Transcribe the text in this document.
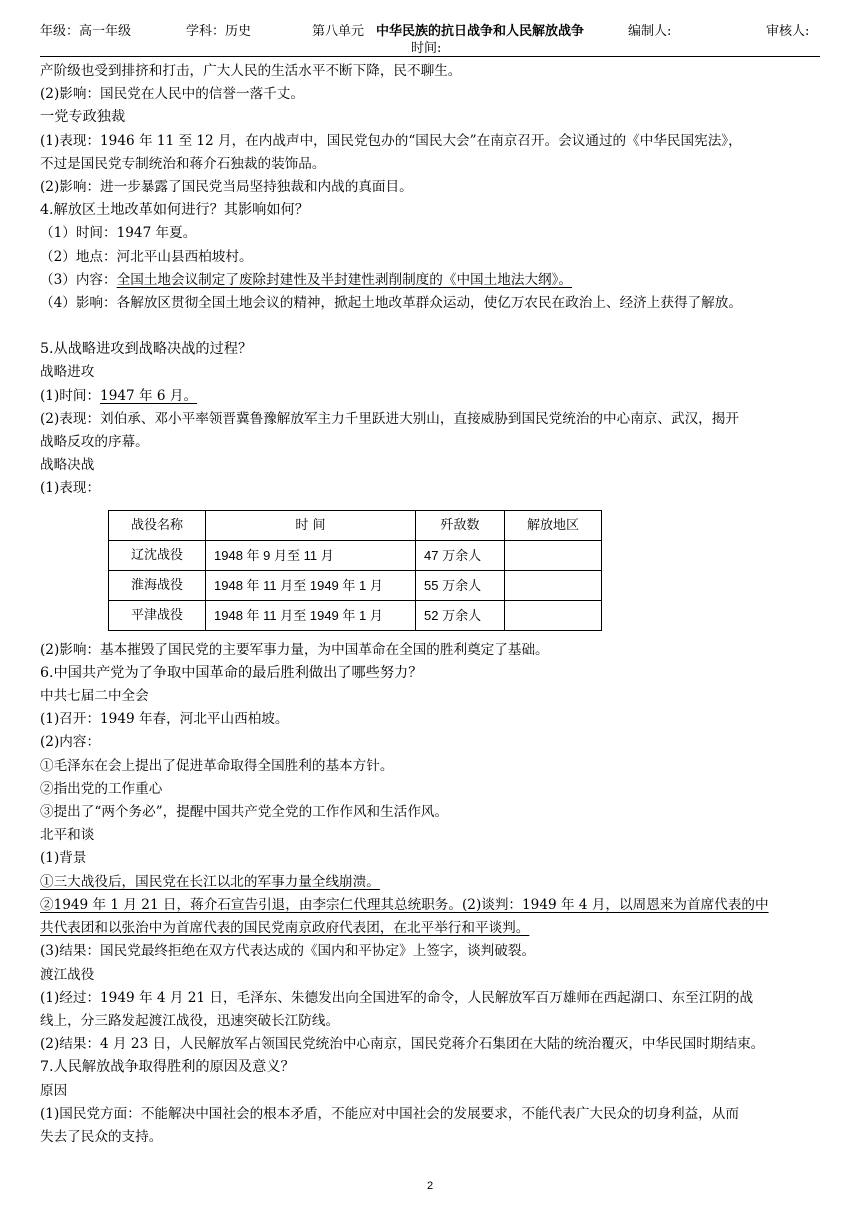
年级：高一年级	学科：历史	第八单元 中华民族的抗日战争和人民解放战争	编制人:	审核人:
时间:

产阶级也受到排挤和打击，广大人民的生活水平不断下降，民不聊生。

(2)影响：国民党在人民中的信誉一落千丈。

一党专政独裁

(1)表现：1946 年 11 至 12 月，在内战声中，国民党包办的“国民大会”在南京召开。会议通过的《中华民国宪法》，

不过是国民党专制统治和蒋介石独裁的装饰品。

(2)影响：进一步暴露了国民党当局坚持独裁和内战的真面目。

4.解放区土地改革如何进行？其影响如何？

（1）时间：1947 年夏。

（2）地点：河北平山县西柏坡村。

（3）内容：全国土地会议制定了废除封建性及半封建性剥削制度的《中国土地法大纲》。

（4）影响：各解放区贯彻全国土地会议的精神，掀起土地改革群众运动，使亿万农民在政治上、经济上获得了解放。

5.从战略进攻到战略决战的过程？

战略进攻

(1)时间：1947 年 6 月。

(2)表现：刘伯承、邓小平率领晋冀鲁豫解放军主力千里跃进大别山，直接威胁到国民党统治的中心南京、武汉，揭开

战略反攻的序幕。

战略决战

(1)表现：

战役名称	时 间	歼敌数	解放地区
辽沈战役	1948 年 9 月至 11 月	47 万余人	
淮海战役	1948 年 11 月至 1949 年 1 月	55 万余人	
平津战役	1948 年 11 月至 1949 年 1 月	52 万余人	

(2)影响：基本摧毁了国民党的主要军事力量，为中国革命在全国的胜利奠定了基础。

6.中国共产党为了争取中国革命的最后胜利做出了哪些努力？

中共七届二中全会

(1)召开：1949 年春，河北平山西柏坡。

(2)内容：

①毛泽东在会上提出了促进革命取得全国胜利的基本方针。

②指出党的工作重心

③提出了“两个务必”，提醒中国共产党全党的工作作风和生活作风。

北平和谈

(1)背景

①三大战役后，国民党在长江以北的军事力量全线崩溃。

②1949 年 1 月 21 日，蒋介石宣告引退，由李宗仁代理其总统职务。(2)谈判：1949 年 4 月，以周恩来为首席代表的中

共代表团和以张治中为首席代表的国民党南京政府代表团，在北平举行和平谈判。

(3)结果：国民党最终拒绝在双方代表达成的《国内和平协定》上签字，谈判破裂。

渡江战役

(1)经过：1949 年 4 月 21 日，毛泽东、朱德发出向全国进军的命令，人民解放军百万雄师在西起湖口、东至江阴的战

线上，分三路发起渡江战役，迅速突破长江防线。

(2)结果：4 月 23 日，人民解放军占领国民党统治中心南京，国民党蒋介石集团在大陆的统治覆灭，中华民国时期结束。

7.人民解放战争取得胜利的原因及意义？

原因

(1)国民党方面：不能解决中国社会的根本矛盾，不能应对中国社会的发展要求，不能代表广大民众的切身利益，从而

失去了民众的支持。

2
